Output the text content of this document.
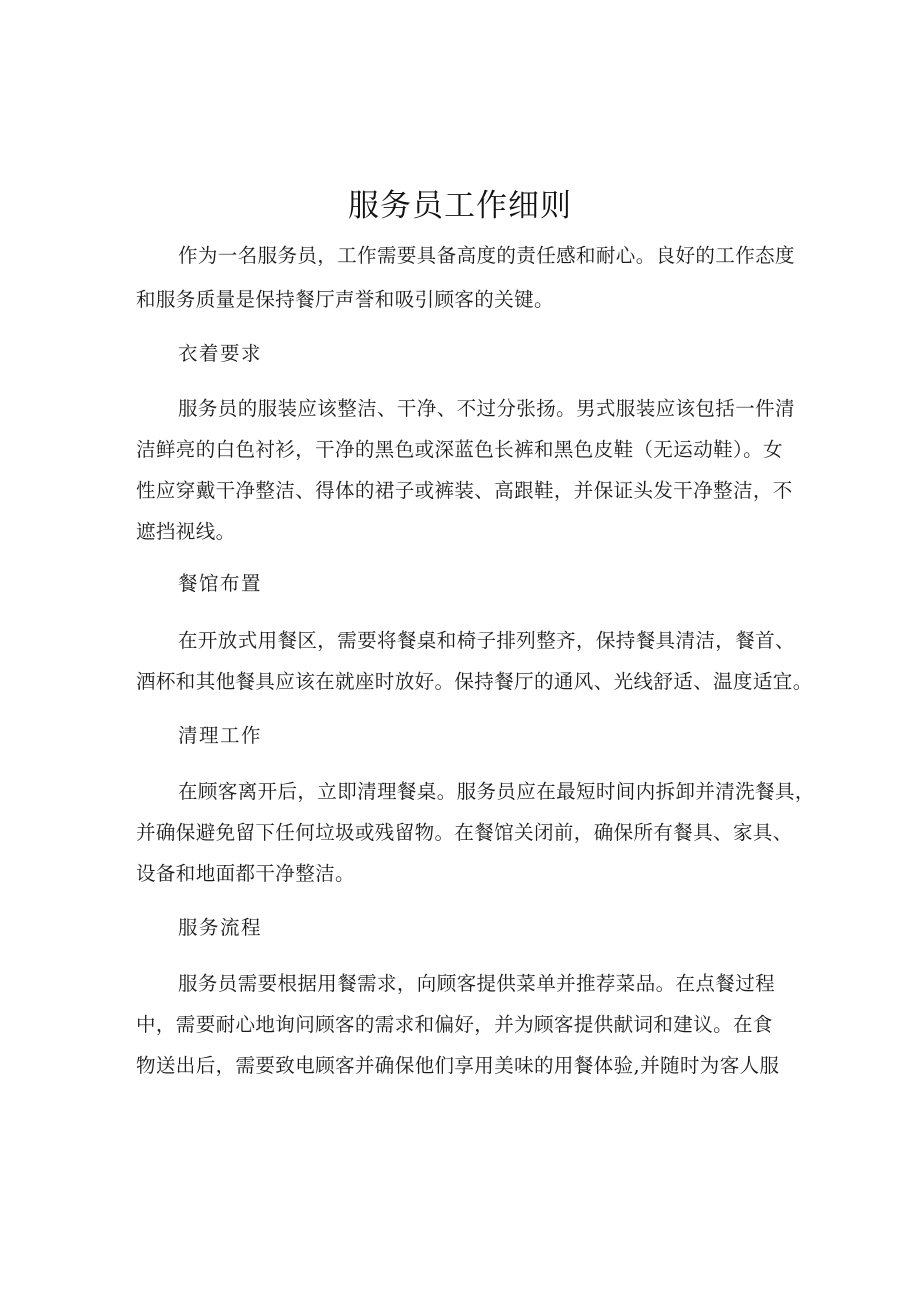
服务员工作细则
作为一名服务员，工作需要具备高度的责任感和耐心。良好的工作态度
和服务质量是保持餐厅声誉和吸引顾客的关键。
衣着要求
服务员的服装应该整洁、干净、不过分张扬。男式服装应该包括一件清
洁鲜亮的白色衬衫，干净的黑色或深蓝色长裤和黑色皮鞋（无运动鞋）。女
性应穿戴干净整洁、得体的裙子或裤装、高跟鞋，并保证头发干净整洁，不
遮挡视线。
餐馆布置
在开放式用餐区，需要将餐桌和椅子排列整齐，保持餐具清洁，餐首、
酒杯和其他餐具应该在就座时放好。保持餐厅的通风、光线舒适、温度适宜。
清理工作
在顾客离开后，立即清理餐桌。服务员应在最短时间内拆卸并清洗餐具，
并确保避免留下任何垃圾或残留物。在餐馆关闭前，确保所有餐具、家具、
设备和地面都干净整洁。
服务流程
服务员需要根据用餐需求，向顾客提供菜单并推荐菜品。在点餐过程
中，需要耐心地询问顾客的需求和偏好，并为顾客提供献词和建议。在食
物送出后，需要致电顾客并确保他们享用美味的用餐体验,并随时为客人服
